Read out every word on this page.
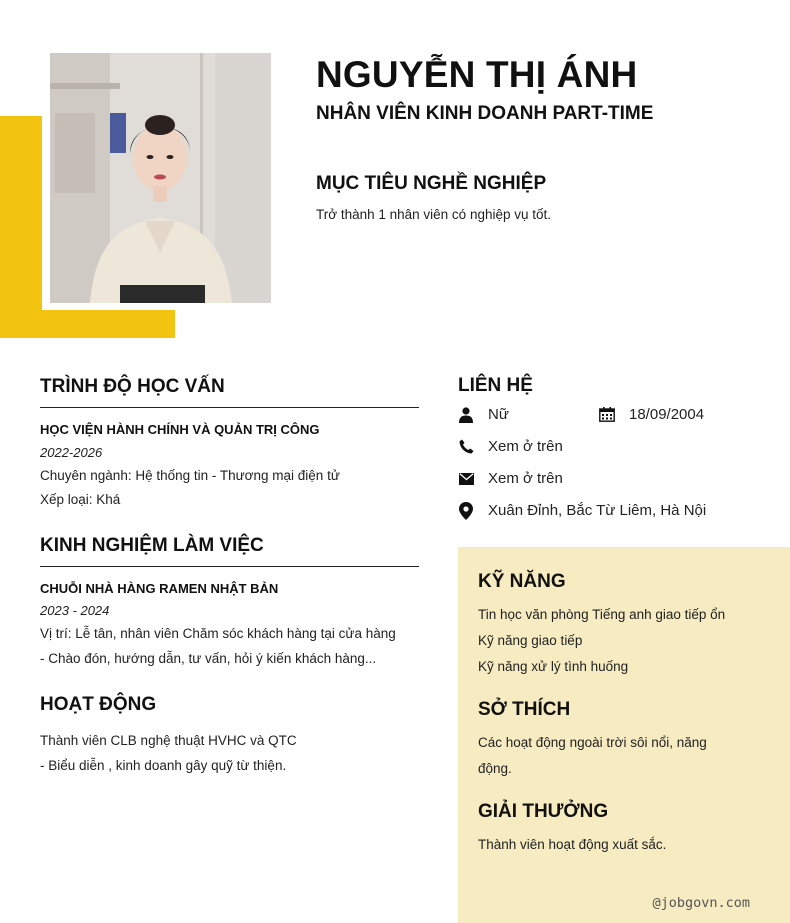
NGUYỄN THỊ ÁNH
NHÂN VIÊN KINH DOANH PART-TIME
MỤC TIÊU NGHỀ NGHIỆP
Trở thành 1 nhân viên có nghiệp vụ tốt.
TRÌNH ĐỘ HỌC VẤN
HỌC VIỆN HÀNH CHÍNH VÀ QUẢN TRỊ CÔNG
2022-2026
Chuyên ngành: Hệ thống tin - Thương mại điện tử
Xếp loại: Khá
KINH NGHIỆM LÀM VIỆC
CHUỖI NHÀ HÀNG RAMEN NHẬT BẢN
2023 - 2024
Vị trí: Lễ tân, nhân viên Chăm sóc khách hàng tại cửa hàng
- Chào đón, hướng dẫn, tư vấn, hỏi ý kiến khách hàng...
HOẠT ĐỘNG
Thành viên CLB nghệ thuật HVHC và QTC
- Biểu diễn , kinh doanh gây quỹ từ thiện.
LIÊN HỆ
Nữ	18/09/2004
Xem ở trên
Xem ở trên
Xuân Đỉnh, Bắc Từ Liêm, Hà Nội
KỸ NĂNG
Tin học văn phòng Tiếng anh giao tiếp ổn
Kỹ năng giao tiếp
Kỹ năng xử lý tình huống
SỞ THÍCH
Các hoạt động ngoài trời sôi nổi, năng
động.
GIẢI THƯỞNG
Thành viên hoạt động xuất sắc.
@jobgovn.com
